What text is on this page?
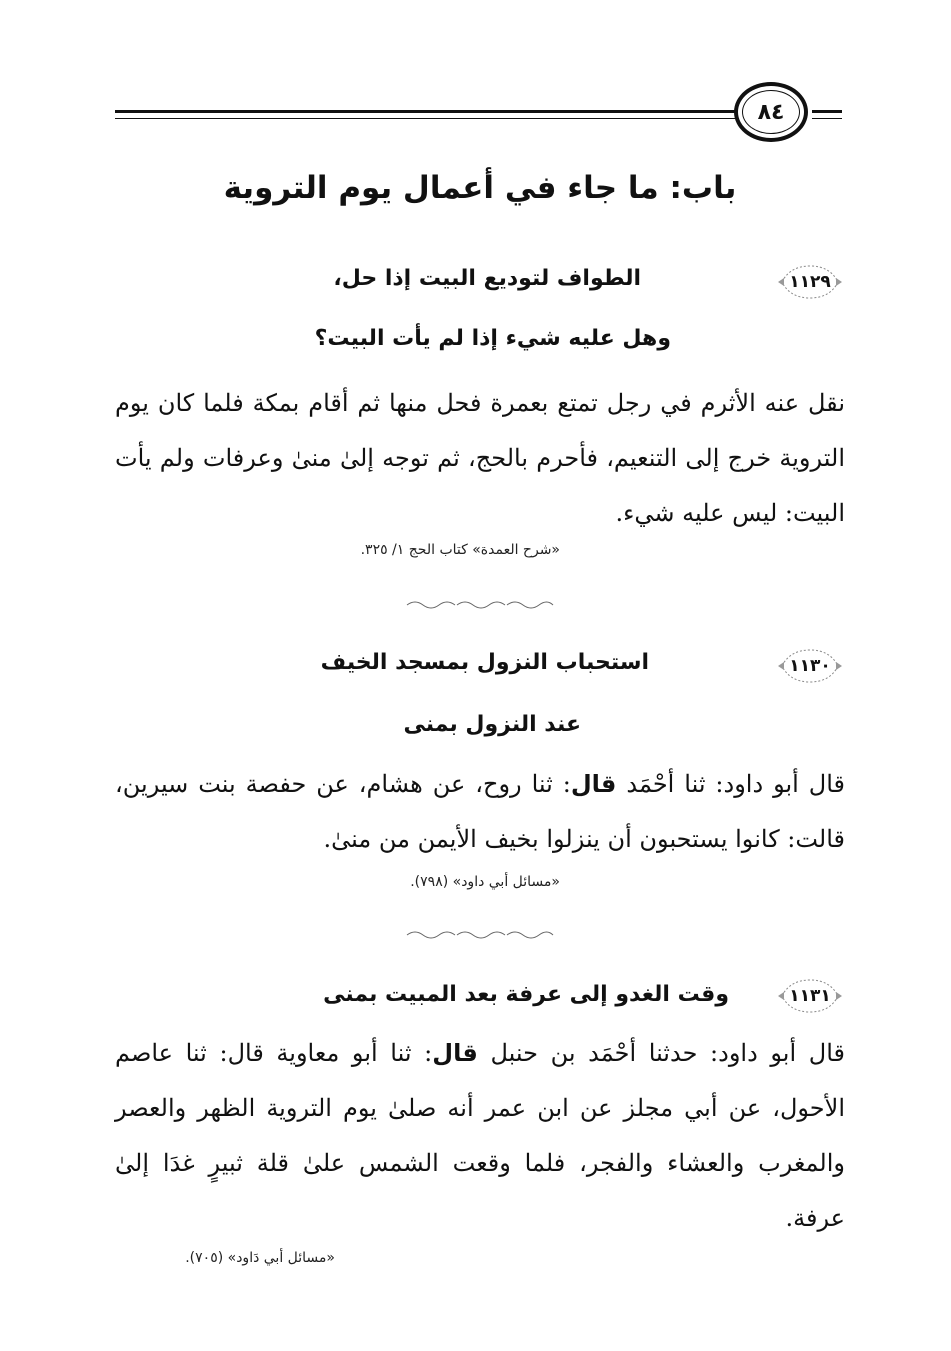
٨٤
باب: ما جاء في أعمال يوم التروية
١١٢٩
الطواف لتوديع البيت إذا حل،
وهل عليه شيء إذا لم يأت البيت؟
نقل عنه الأثرم في رجل تمتع بعمرة فحل منها ثم أقام بمكة فلما كان يوم التروية خرج إلى التنعيم، فأحرم بالحج، ثم توجه إلىٰ منىٰ وعرفات ولم يأت البيت: ليس عليه شيء.
«شرح العمدة» كتاب الحج ١/ ٣٢٥.
١١٣٠
استحباب النزول بمسجد الخيف
عند النزول بمنى
قال أبو داود: ثنا أحْمَد قال: ثنا روح، عن هشام، عن حفصة بنت سيرين، قالت: كانوا يستحبون أن ينزلوا بخيف الأيمن من منىٰ.
«مسائل أبي داود» (٧٩٨).
١١٣١
وقت الغدو إلى عرفة بعد المبيت بمنى
قال أبو داود: حدثنا أحْمَد بن حنبل قال: ثنا أبو معاوية قال: ثنا عاصم الأحول، عن أبي مجلز عن ابن عمر أنه صلىٰ يوم التروية الظهر والعصر والمغرب والعشاء والفجر، فلما وقعت الشمس علىٰ قلة ثبيرٍ غدَا إلىٰ عرفة.
«مسائل أبي دَاود» (٧٠٥).
